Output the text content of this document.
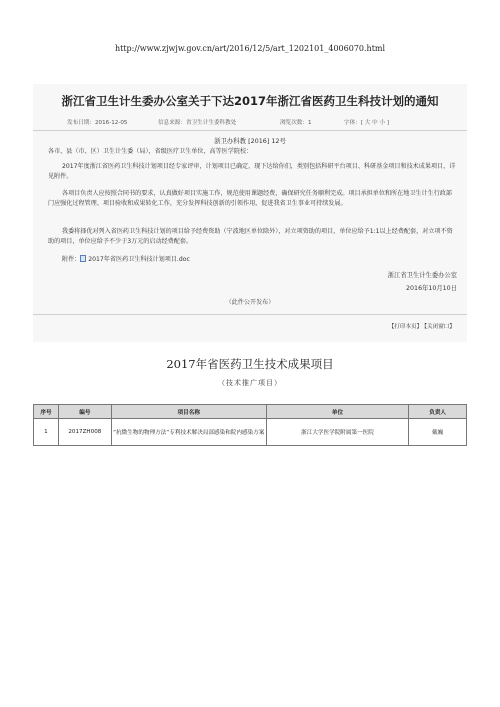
http://www.zjwjw.gov.cn/art/2016/12/5/art_1202101_4006070.html
浙江省卫生计生委办公室关于下达2017年浙江省医药卫生科技计划的通知
发布日期：2016-12-05	信息来源：省卫生计生委科教处	浏览次数：1	字体：[ 大 中 小 ]
浙卫办科教 [2016] 12号
各市、县（市、区）卫生计生委（局），省级医疗卫生单位，高等医学院校：
2017年度浙江省医药卫生科技计划项目经专家评审，计划项目已确定，现下达给你们，类别包括科研平台项目、科研基金项目和技术成果项目，详见附件。
各项目负责人应按照合同书的要求，认真做好项目实施工作，规范使用课题经费，确保研究任务顺利完成。项目承担单位和所在地卫生计生行政部门应强化过程管理、项目验收和成果转化工作，充分发挥科技创新的引领作用，促进我省卫生事业可持续发展。
我委将择优对列入省医药卫生科技计划的项目给予经费资助（宁波地区单位除外），对立项资助的项目，单位应给予1:1以上经费配套，对立项不资助的项目，单位应给予不少于3万元的启动经费配套。
附件： 2017年省医药卫生科技计划项目.doc
浙江省卫生计生委办公室
2016年10月10日
（此件公开发布）
【打印本页】 【关闭窗口】
2017年省医药卫生技术成果项目
（技术推广项目）
序号	编号	项目名称	单位	负责人
1	2017ZH008	“抗微生物的物理方法”专利技术解决局部感染和院内感染方案	浙江大学医学院附属第一医院	戴巍
